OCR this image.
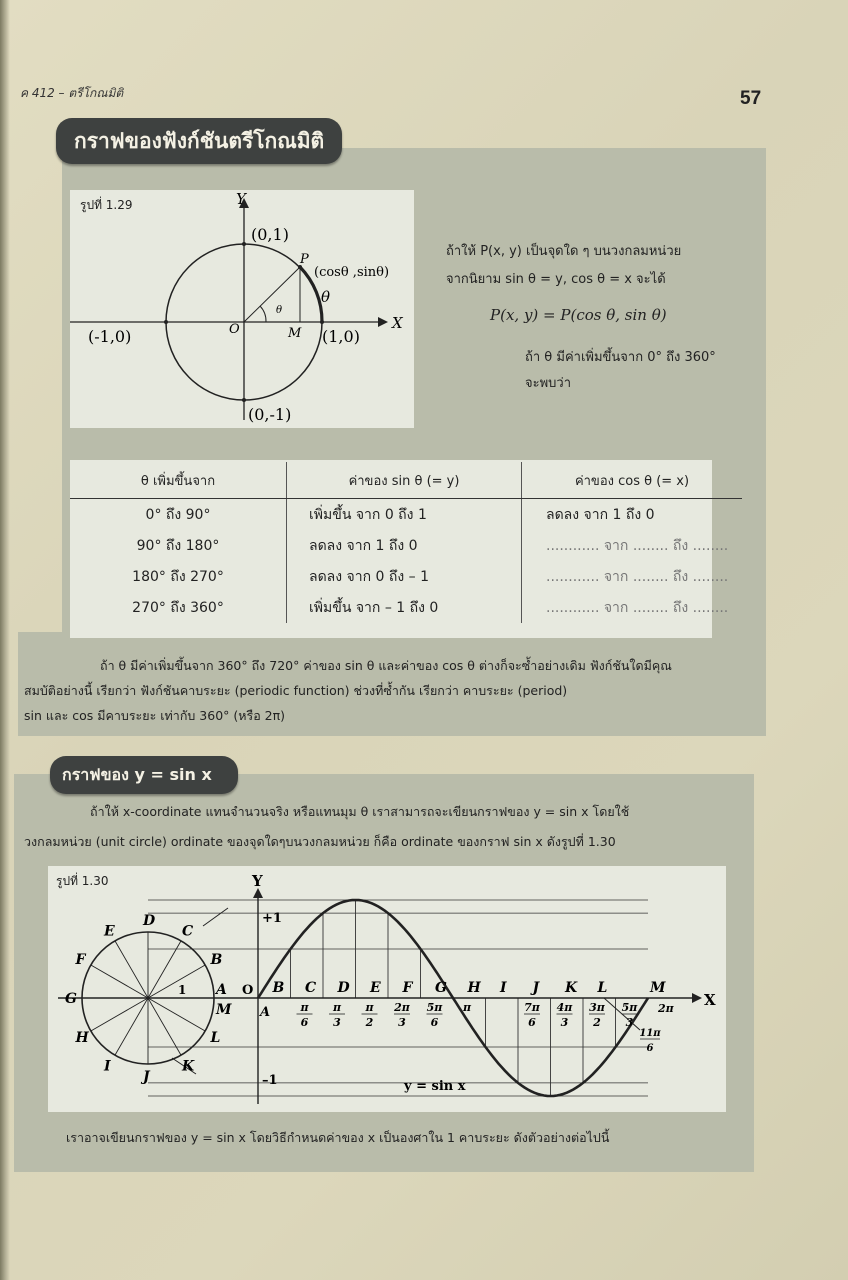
ค 412 – ตรีโกณมิติ	57
กราฟของฟังก์ชันตรีโกณมิติ
รูปที่ 1.29	Y
X
(0,1)
(-1,0)
(0,-1)
(1,0)
O	M
P
(cosθ ,sinθ)
θ
θ
ถ้าให้ P(x, y) เป็นจุดใด ๆ บนวงกลมหน่วย
จากนิยาม sin θ = y, cos θ = x จะได้
P(x, y) = P(cos θ, sin θ)
ถ้า θ มีค่าเพิ่มขึ้นจาก 0° ถึง 360°
จะพบว่า
θ เพิ่มขึ้นจาก	ค่าของ sin θ (= y)	ค่าของ cos θ (= x)
0° ถึง 90°	เพิ่มขึ้น จาก 0 ถึง 1	ลดลง จาก 1 ถึง 0
90° ถึง 180°	ลดลง จาก 1 ถึง 0	............ จาก ........ ถึง ........
180° ถึง 270°	ลดลง จาก 0 ถึง – 1	............ จาก ........ ถึง ........
270° ถึง 360°	เพิ่มขึ้น จาก – 1 ถึง 0	............ จาก ........ ถึง ........
ถ้า θ มีค่าเพิ่มขึ้นจาก 360° ถึง 720° ค่าของ sin θ และค่าของ cos θ ต่างก็จะซ้ำอย่างเดิม ฟังก์ชันใดมีคุณ
สมบัติอย่างนี้ เรียกว่า ฟังก์ชันคาบระยะ (periodic function) ช่วงที่ซ้ำกัน เรียกว่า คาบระยะ (period)
sin และ cos มีคาบระยะ เท่ากับ 360° (หรือ 2π)
กราฟของ y = sin x
ถ้าให้ x-coordinate แทนจำนวนจริง หรือแทนมุม θ เราสามารถจะเขียนกราฟของ y = sin x โดยใช้
วงกลมหน่วย (unit circle) ordinate ของจุดใดๆบนวงกลมหน่วย ก็คือ ordinate ของกราฟ sin x ดังรูปที่ 1.30
รูปที่ 1.30	Y
X
+1
–1
O
1 A
B
C
D
E
F
G
H
I
J
K
L
M
B C D E F G H I J K L	M
A	π
6
π
3
π
2
2π
3
5π
6
π	7π
6
4π
3
3π
2
5π
3
2π
11π
6
y = sin x
เราอาจเขียนกราฟของ y = sin x โดยวิธีกำหนดค่าของ x เป็นองศาใน 1 คาบระยะ ดังตัวอย่างต่อไปนี้
